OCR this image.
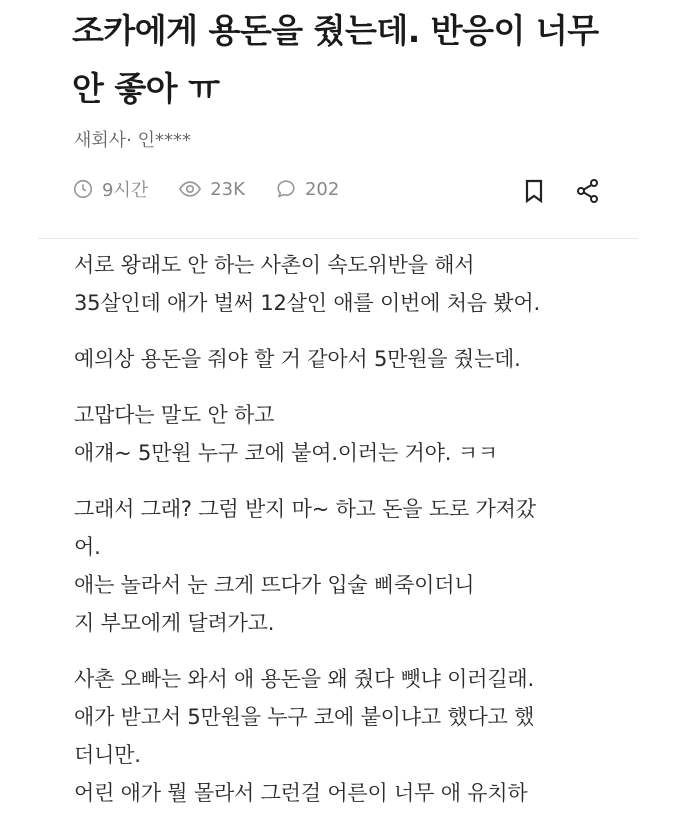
조카에게 용돈을 줬는데. 반응이 너무
안 좋아 ㅠ

새회사· 인****

9시간	23K	202

서로 왕래도 안 하는 사촌이 속도위반을 해서
35살인데 애가 벌써 12살인 애를 이번에 처음 봤어.

예의상 용돈을 줘야 할 거 같아서 5만원을 줬는데.

고맙다는 말도 안 하고
애걔~ 5만원 누구 코에 붙여.이러는 거야. ㅋㅋ

그래서 그래? 그럼 받지 마~ 하고 돈을 도로 가져갔
어.
애는 놀라서 눈 크게 뜨다가 입술 삐죽이더니
지 부모에게 달려가고.

사촌 오빠는 와서 애 용돈을 왜 줬다 뺏냐 이러길래.
애가 받고서 5만원을 누구 코에 붙이냐고 했다고 했
더니만.
어린 애가 뭘 몰라서 그런걸 어른이 너무 애 유치하
